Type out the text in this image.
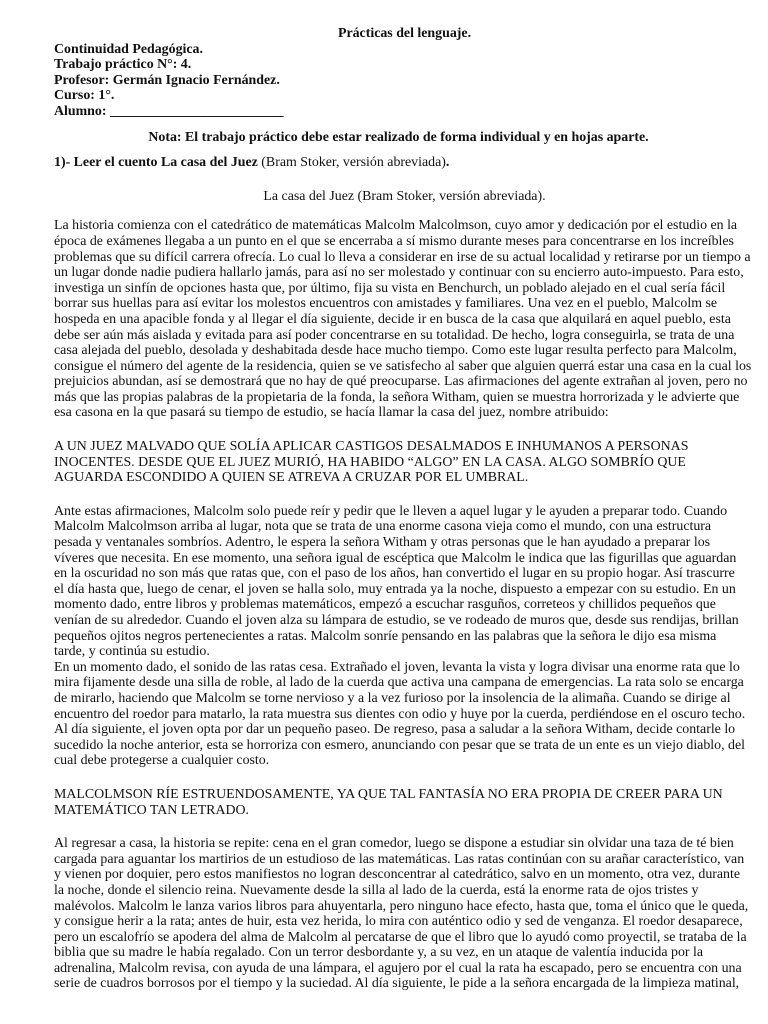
Prácticas del lenguaje.
Continuidad Pedagógica.
Trabajo práctico N°: 4.
Profesor: Germán Ignacio Fernández.
Curso: 1°.
Alumno: _________________________
Nota: El trabajo práctico debe estar realizado de forma individual y en hojas aparte.
1)- Leer el cuento La casa del Juez (Bram Stoker, versión abreviada).
La casa del Juez (Bram Stoker, versión abreviada).

La historia comienza con el catedrático de matemáticas Malcolm Malcolmson, cuyo amor y dedicación por el estudio en la
época de exámenes llegaba a un punto en el que se encerraba a sí mismo durante meses para concentrarse en los increíbles
problemas que su difícil carrera ofrecía. Lo cual lo lleva a considerar en irse de su actual localidad y retirarse por un tiempo a
un lugar donde nadie pudiera hallarlo jamás, para así no ser molestado y continuar con su encierro auto-impuesto. Para esto,
investiga un sinfín de opciones hasta que, por último, fija su vista en Benchurch, un poblado alejado en el cual sería fácil
borrar sus huellas para así evitar los molestos encuentros con amistades y familiares. Una vez en el pueblo, Malcolm se
hospeda en una apacible fonda y al llegar el día siguiente, decide ir en busca de la casa que alquilará en aquel pueblo, esta
debe ser aún más aislada y evitada para así poder concentrarse en su totalidad. De hecho, logra conseguirla, se trata de una
casa alejada del pueblo, desolada y deshabitada desde hace mucho tiempo. Como este lugar resulta perfecto para Malcolm,
consigue el número del agente de la residencia, quien se ve satisfecho al saber que alguien querrá estar una casa en la cual los
prejuicios abundan, así se demostrará que no hay de qué preocuparse. Las afirmaciones del agente extrañan al joven, pero no
más que las propias palabras de la propietaria de la fonda, la señora Witham, quien se muestra horrorizada y le advierte que
esa casona en la que pasará su tiempo de estudio, se hacía llamar la casa del juez, nombre atribuido:

A UN JUEZ MALVADO QUE SOLÍA APLICAR CASTIGOS DESALMADOS E INHUMANOS A PERSONAS
INOCENTES. DESDE QUE EL JUEZ MURIÓ, HA HABIDO “ALGO” EN LA CASA. ALGO SOMBRÍO QUE
AGUARDA ESCONDIDO A QUIEN SE ATREVA A CRUZAR POR EL UMBRAL.

Ante estas afirmaciones, Malcolm solo puede reír y pedir que le lleven a aquel lugar y le ayuden a preparar todo. Cuando
Malcolm Malcolmson arriba al lugar, nota que se trata de una enorme casona vieja como el mundo, con una estructura
pesada y ventanales sombríos. Adentro, le espera la señora Witham y otras personas que le han ayudado a preparar los
víveres que necesita. En ese momento, una señora igual de escéptica que Malcolm le indica que las figurillas que aguardan
en la oscuridad no son más que ratas que, con el paso de los años, han convertido el lugar en su propio hogar. Así trascurre
el día hasta que, luego de cenar, el joven se halla solo, muy entrada ya la noche, dispuesto a empezar con su estudio. En un
momento dado, entre libros y problemas matemáticos, empezó a escuchar rasguños, correteos y chillidos pequeños que
venían de su alrededor. Cuando el joven alza su lámpara de estudio, se ve rodeado de muros que, desde sus rendijas, brillan
pequeños ojitos negros pertenecientes a ratas. Malcolm sonríe pensando en las palabras que la señora le dijo esa misma
tarde, y continúa su estudio.

En un momento dado, el sonido de las ratas cesa. Extrañado el joven, levanta la vista y logra divisar una enorme rata que lo
mira fijamente desde una silla de roble, al lado de la cuerda que activa una campana de emergencias. La rata solo se encarga
de mirarlo, haciendo que Malcolm se torne nervioso y a la vez furioso por la insolencia de la alimaña. Cuando se dirige al
encuentro del roedor para matarlo, la rata muestra sus dientes con odio y huye por la cuerda, perdiéndose en el oscuro techo.
Al día siguiente, el joven opta por dar un pequeño paseo. De regreso, pasa a saludar a la señora Witham, decide contarle lo
sucedido la noche anterior, esta se horroriza con esmero, anunciando con pesar que se trata de un ente es un viejo diablo, del
cual debe protegerse a cualquier costo.

MALCOLMSON RÍE ESTRUENDOSAMENTE, YA QUE TAL FANTASÍA NO ERA PROPIA DE CREER PARA UN
MATEMÁTICO TAN LETRADO.

Al regresar a casa, la historia se repite: cena en el gran comedor, luego se dispone a estudiar sin olvidar una taza de té bien
cargada para aguantar los martirios de un estudioso de las matemáticas. Las ratas continúan con su arañar característico, van
y vienen por doquier, pero estos manifiestos no logran desconcentrar al catedrático, salvo en un momento, otra vez, durante
la noche, donde el silencio reina. Nuevamente desde la silla al lado de la cuerda, está la enorme rata de ojos tristes y
malévolos. Malcolm le lanza varios libros para ahuyentarla, pero ninguno hace efecto, hasta que, toma el único que le queda,
y consigue herir a la rata; antes de huir, esta vez herida, lo mira con auténtico odio y sed de venganza. El roedor desaparece,
pero un escalofrío se apodera del alma de Malcolm al percatarse de que el libro que lo ayudó como proyectil, se trataba de la
biblia que su madre le había regalado. Con un terror desbordante y, a su vez, en un ataque de valentía inducida por la
adrenalina, Malcolm revisa, con ayuda de una lámpara, el agujero por el cual la rata ha escapado, pero se encuentra con una
serie de cuadros borrosos por el tiempo y la suciedad. Al día siguiente, le pide a la señora encargada de la limpieza matinal,
